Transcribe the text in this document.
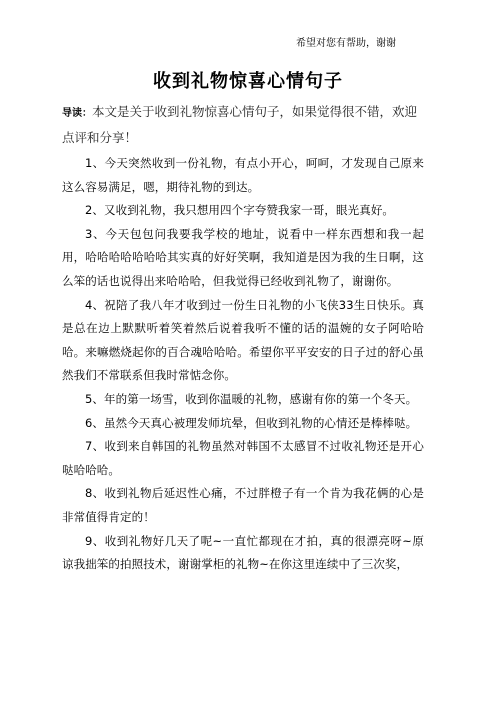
希望对您有帮助，谢谢
收到礼物惊喜心情句子

导读：本文是关于收到礼物惊喜心情句子，如果觉得很不错，欢迎点评和分享！

1、今天突然收到一份礼物，有点小开心，呵呵，才发现自己原来这么容易满足，嗯，期待礼物的到达。

2、又收到礼物，我只想用四个字夸赞我家一哥，眼光真好。

3、今天包包问我要我学校的地址，说看中一样东西想和我一起用，哈哈哈哈哈哈哈其实真的好好笑啊，我知道是因为我的生日啊，这么笨的话也说得出来哈哈哈，但我觉得已经收到礼物了，谢谢你。

4、祝陪了我八年才收到过一份生日礼物的小飞侠33生日快乐。真是总在边上默默听着笑着然后说着我听不懂的话的温婉的女子阿哈哈哈。来嘛燃烧起你的百合魂哈哈哈。希望你平平安安的日子过的舒心虽然我们不常联系但我时常惦念你。

5、年的第一场雪，收到你温暖的礼物，感谢有你的第一个冬天。

6、虽然今天真心被理发师坑晕，但收到礼物的心情还是棒棒哒。

7、收到来自韩国的礼物虽然对韩国不太感冒不过收礼物还是开心哒哈哈哈。

8、收到礼物后延迟性心痛，不过胖橙子有一个肯为我花俩的心是非常值得肯定的！

9、收到礼物好几天了呢~一直忙都现在才拍，真的很漂亮呀~原谅我拙笨的拍照技术，谢谢掌柜的礼物~在你这里连续中了三次奖，
